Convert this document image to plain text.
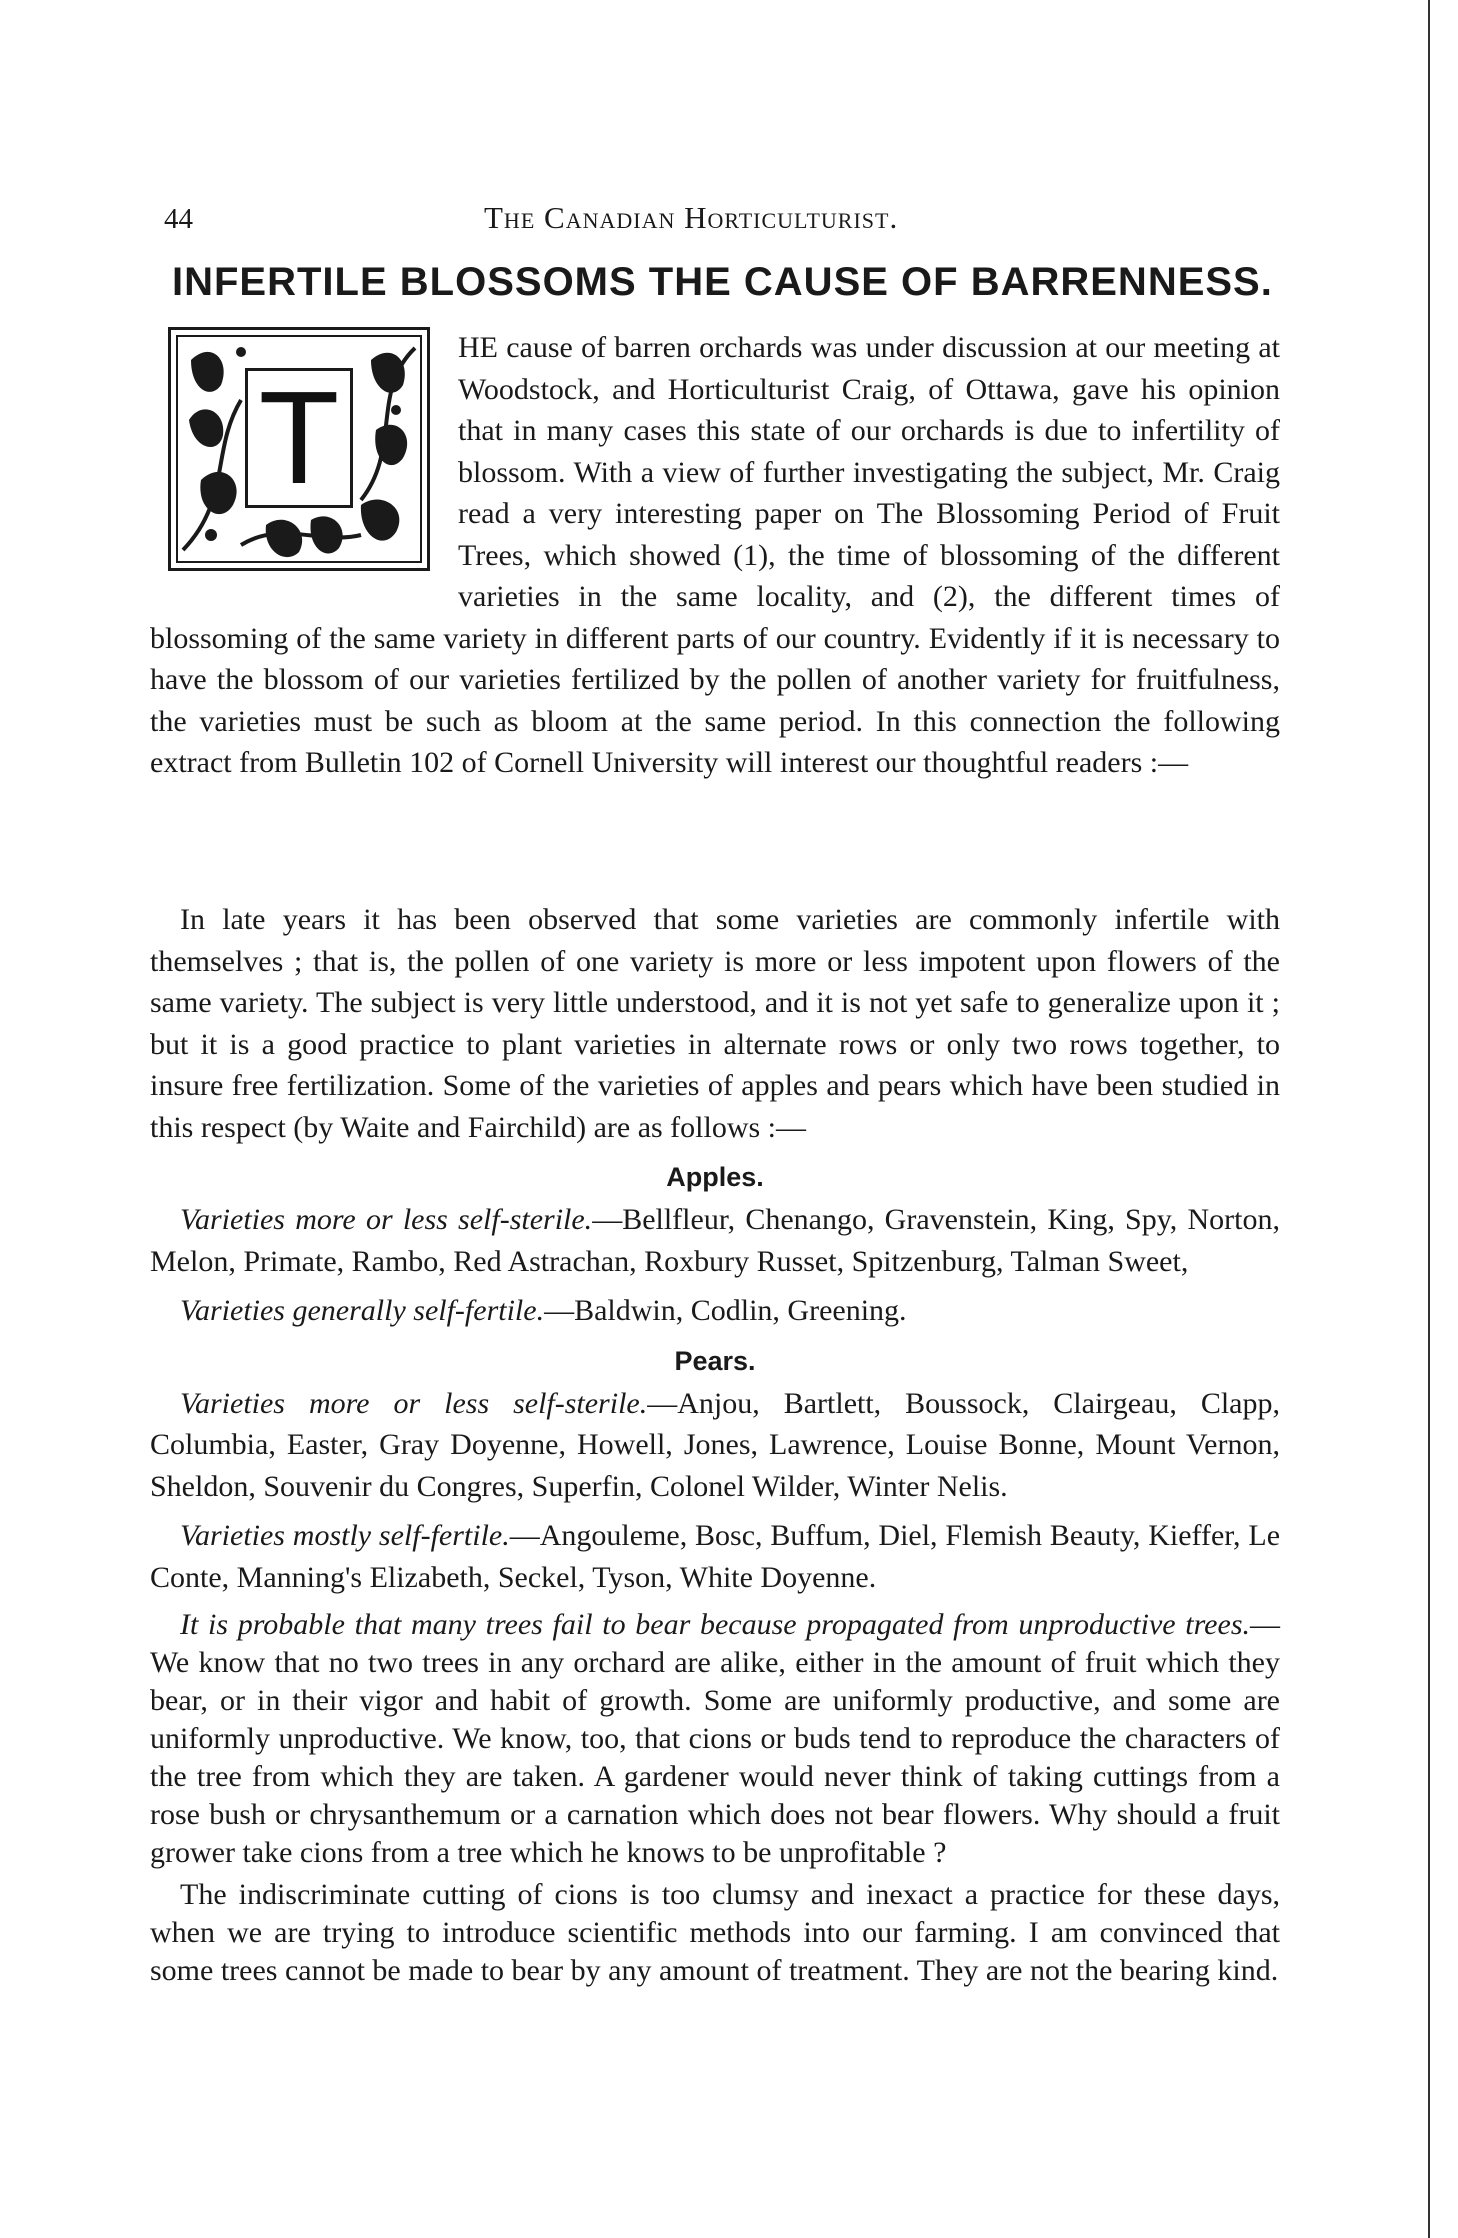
44	The Canadian Horticulturist.
INFERTILE BLOSSOMS THE CAUSE OF BARRENNESS.
T

HE cause of barren orchards was under discussion at our meeting at Woodstock, and Horticulturist Craig, of Ottawa, gave his opinion that in many cases this state of our orchards is due to infertility of blossom. With a view of further investigating the subject, Mr. Craig read a very interesting paper on The Blossoming Period of Fruit Trees, which showed (1), the time of blossoming of the different varieties in the same locality, and (2), the different times of blossoming of the same variety in different parts of our country. Evidently if it is necessary to have the blossom of our varieties fertilized by the pollen of another variety for fruitfulness, the varieties must be such as bloom at the same period. In this connection the following extract from Bulletin 102 of Cornell University will interest our thoughtful readers :—

In late years it has been observed that some varieties are commonly infertile with themselves ; that is, the pollen of one variety is more or less impotent upon flowers of the same variety. The subject is very little understood, and it is not yet safe to generalize upon it ; but it is a good practice to plant varieties in alternate rows or only two rows together, to insure free fertilization. Some of the varieties of apples and pears which have been studied in this respect (by Waite and Fairchild) are as follows :—

Apples.

Varieties more or less self-sterile.—Bellfleur, Chenango, Gravenstein, King, Spy, Norton, Melon, Primate, Rambo, Red Astrachan, Roxbury Russet, Spitzenburg, Talman Sweet,

Varieties generally self-fertile.—Baldwin, Codlin, Greening.

Pears.

Varieties more or less self-sterile.—Anjou, Bartlett, Boussock, Clairgeau, Clapp, Columbia, Easter, Gray Doyenne, Howell, Jones, Lawrence, Louise Bonne, Mount Vernon, Sheldon, Souvenir du Congres, Superfin, Colonel Wilder, Winter Nelis.

Varieties mostly self-fertile.—Angouleme, Bosc, Buffum, Diel, Flemish Beauty, Kieffer, Le Conte, Manning's Elizabeth, Seckel, Tyson, White Doyenne.

It is probable that many trees fail to bear because propagated from unproductive trees.—We know that no two trees in any orchard are alike, either in the amount of fruit which they bear, or in their vigor and habit of growth. Some are uniformly productive, and some are uniformly unproductive. We know, too, that cions or buds tend to reproduce the characters of the tree from which they are taken. A gardener would never think of taking cuttings from a rose bush or chrysanthemum or a carnation which does not bear flowers. Why should a fruit grower take cions from a tree which he knows to be unprofitable ?

The indiscriminate cutting of cions is too clumsy and inexact a practice for these days, when we are trying to introduce scientific methods into our farming. I am convinced that some trees cannot be made to bear by any amount of treatment. They are not the bearing kind.
